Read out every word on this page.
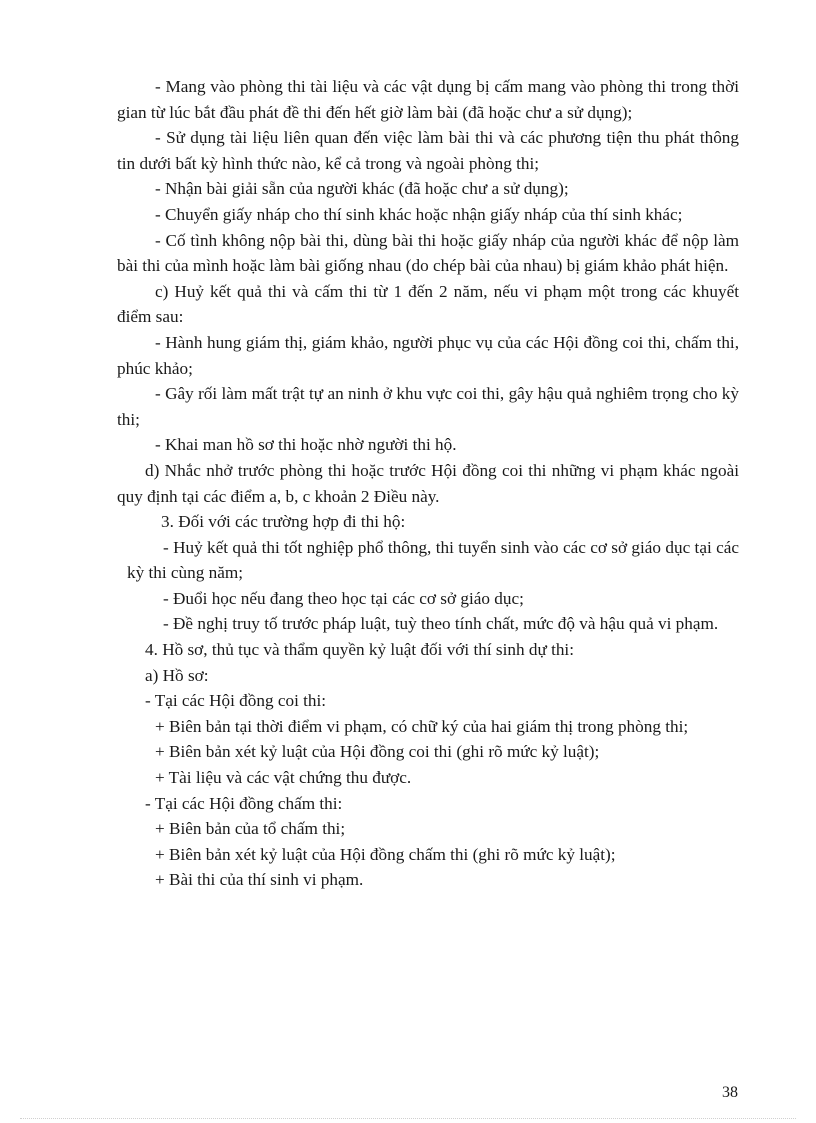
- Mang vào phòng thi tài liệu và các vật dụng bị cấm mang vào phòng thi trong thời gian từ lúc bắt đầu phát đề thi đến hết giờ làm bài (đã hoặc chư a sử dụng);

- Sử dụng tài liệu liên quan đến việc làm bài thi và các phương tiện thu phát thông tin dưới bất kỳ hình thức nào, kể cả trong và ngoài phòng thi;

- Nhận bài giải sẵn của người khác (đã hoặc chư a sử dụng);

- Chuyển giấy nháp cho thí sinh khác hoặc nhận giấy nháp của thí sinh khác;

- Cố tình không nộp bài thi, dùng bài thi hoặc giấy nháp của người khác để nộp làm bài thi của mình hoặc làm bài giống nhau (do chép bài của nhau) bị giám khảo phát hiện.

c) Huỷ kết quả thi và cấm thi từ 1 đến 2 năm, nếu vi phạm một trong các khuyết điểm sau:

- Hành hung giám thị, giám khảo, người phục vụ của các Hội đồng coi thi, chấm thi, phúc khảo;

- Gây rối làm mất trật tự an ninh ở khu vực coi thi, gây hậu quả nghiêm trọng cho kỳ thi;

- Khai man hồ sơ thi hoặc nhờ người thi hộ.

d) Nhắc nhở trước phòng thi hoặc trước Hội đồng coi thi những vi phạm khác ngoài quy định tại các điểm a, b, c khoản 2 Điều này.

3. Đối với các trường hợp đi thi hộ:

- Huỷ kết quả thi tốt nghiệp phổ thông, thi tuyển sinh vào các cơ sở giáo dục tại các kỳ thi cùng năm;

- Đuổi học nếu đang theo học tại các cơ sở giáo dục;

- Đề nghị truy tố trước pháp luật, tuỳ theo tính chất, mức độ và hậu quả vi phạm.

4. Hồ sơ, thủ tục và thẩm quyền kỷ luật đối với thí sinh dự thi:

a) Hồ sơ:

- Tại các Hội đồng coi thi:

+ Biên bản tại thời điểm vi phạm, có chữ ký của hai giám thị trong phòng thi;

+ Biên bản xét kỷ luật của Hội đồng coi thi (ghi rõ mức kỷ luật);

+ Tài liệu và các vật chứng thu được.

- Tại các Hội đồng chấm thi:

+ Biên bản của tổ chấm thi;

+ Biên bản xét kỷ luật của Hội đồng chấm thi (ghi rõ mức kỷ luật);

+ Bài thi của thí sinh vi phạm.

38
